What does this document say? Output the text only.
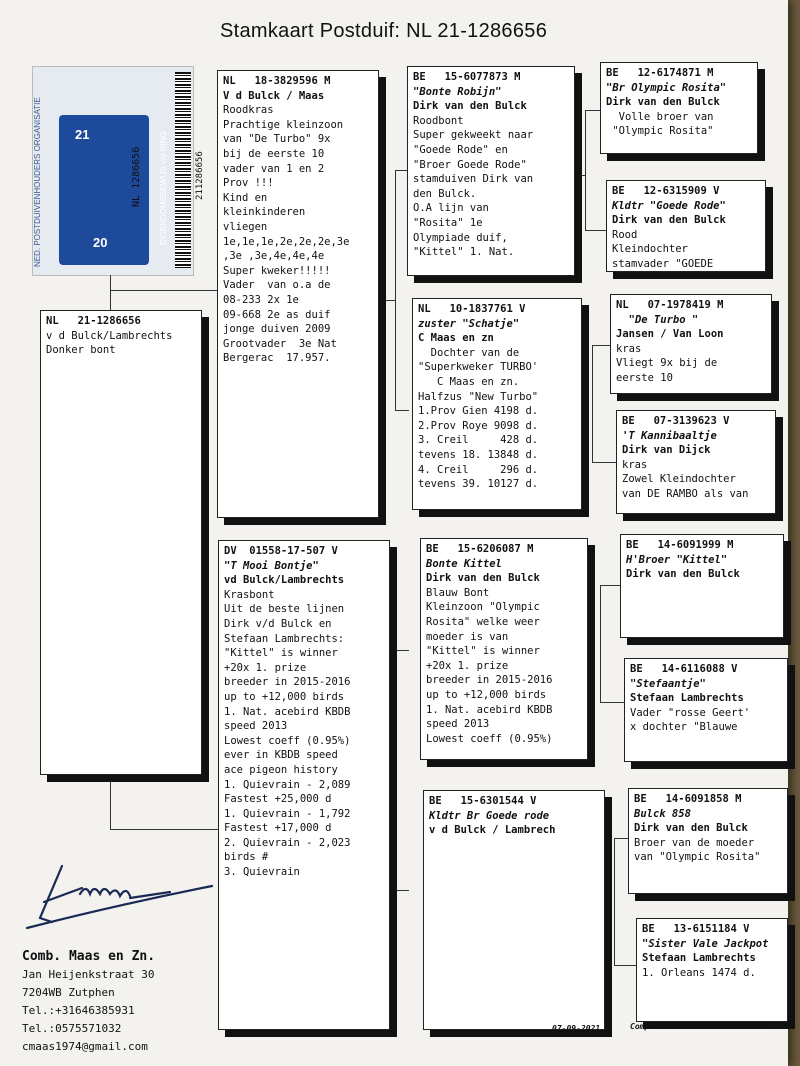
Stamkaart Postduif: NL 21-1286656
NED. POSTDUIVENHOUDERS ORGANISATIE	21
20
NL 1286656 EIGENDOMSBEWIJS v/d RING	211286656
NL   21-1286656
v d Bulck/Lambrechts
Donker bont
NL   18-3829596 M
V d Bulck / Maas
Roodkras
Prachtige kleinzoon
van "De Turbo" 9x
bij de eerste 10
vader van 1 en 2
Prov !!!
Kind en
kleinkinderen
vliegen
1e,1e,1e,2e,2e,2e,3e
,3e ,3e,4e,4e,4e
Super kweker!!!!!
Vader  van o.a de
08-233 2x 1e
09-668 2e as duif
jonge duiven 2009
Grootvader  3e Nat
Bergerac  17.957.
DV  01558-17-507 V
"T Mooi Bontje"
vd Bulck/Lambrechts
Krasbont
Uit de beste lijnen
Dirk v/d Bulck en
Stefaan Lambrechts:
"Kittel" is winner
+20x 1. prize
breeder in 2015-2016
up to +12,000 birds
1. Nat. acebird KBDB
speed 2013
Lowest coeff (0.95%)
ever in KBDB speed
ace pigeon history
1. Quievrain - 2,089
Fastest +25,000 d
1. Quievrain - 1,792
Fastest +17,000 d
2. Quievrain - 2,023
birds #
3. Quievrain
BE   15-6077873 M
"Bonte Robijn"
Dirk van den Bulck
Roodbont
Super gekweekt naar
"Goede Rode" en
"Broer Goede Rode"
stamduiven Dirk van
den Bulck.
O.A lijn van
"Rosita" 1e
Olympiade duif,
"Kittel" 1. Nat.
NL   10-1837761 V
zuster "Schatje"
C Maas en zn
Dochter van de
"Superkweker TURBO'
C Maas en zn.
Halfzus "New Turbo"
1.Prov Gien 4198 d.
2.Prov Roye 9098 d.
3. Creil     428 d.
tevens 18. 13848 d.
4. Creil     296 d.
tevens 39. 10127 d.
BE   15-6206087 M
Bonte Kittel
Dirk van den Bulck
Blauw Bont
Kleinzoon "Olympic
Rosita" welke weer
moeder is van
"Kittel" is winner
+20x 1. prize
breeder in 2015-2016
up to +12,000 birds
1. Nat. acebird KBDB
speed 2013
Lowest coeff (0.95%)
BE   15-6301544 V
Kldtr Br Goede rode
v d Bulck / Lambrech
BE   12-6174871 M
"Br Olympic Rosita"
Dirk van den Bulck
Volle broer van
"Olympic Rosita"
BE   12-6315909 V
Kldtr "Goede Rode"
Dirk van den Bulck
Rood
Kleindochter
stamvader "GOEDE
NL   07-1978419 M
"De Turbo "
Jansen / Van Loon
kras
Vliegt 9x bij de
eerste 10
BE   07-3139623 V
'T Kannibaaltje
Dirk van Dijck
kras
Zowel Kleindochter
van DE RAMBO als van
BE   14-6091999 M
H'Broer "Kittel"
Dirk van den Bulck
BE   14-6116088 V
"Stefaantje"
Stefaan Lambrechts
Vader "rosse Geert'
x dochter "Blauwe
BE   14-6091858 M
Bulck 858
Dirk van den Bulck
Broer van de moeder
van "Olympic Rosita"
BE   13-6151184 V
"Sister Vale Jackpot
Stefaan Lambrechts
1. Orleans 1474 d.
Comb. Maas en Zn.
Jan Heijenkstraat 30
7204WB Zutphen
Tel.:+31646385931
Tel.:0575571032
cmaas1974@gmail.com
07-09-2021	Compuclub © Comb. Maas en Zn.
